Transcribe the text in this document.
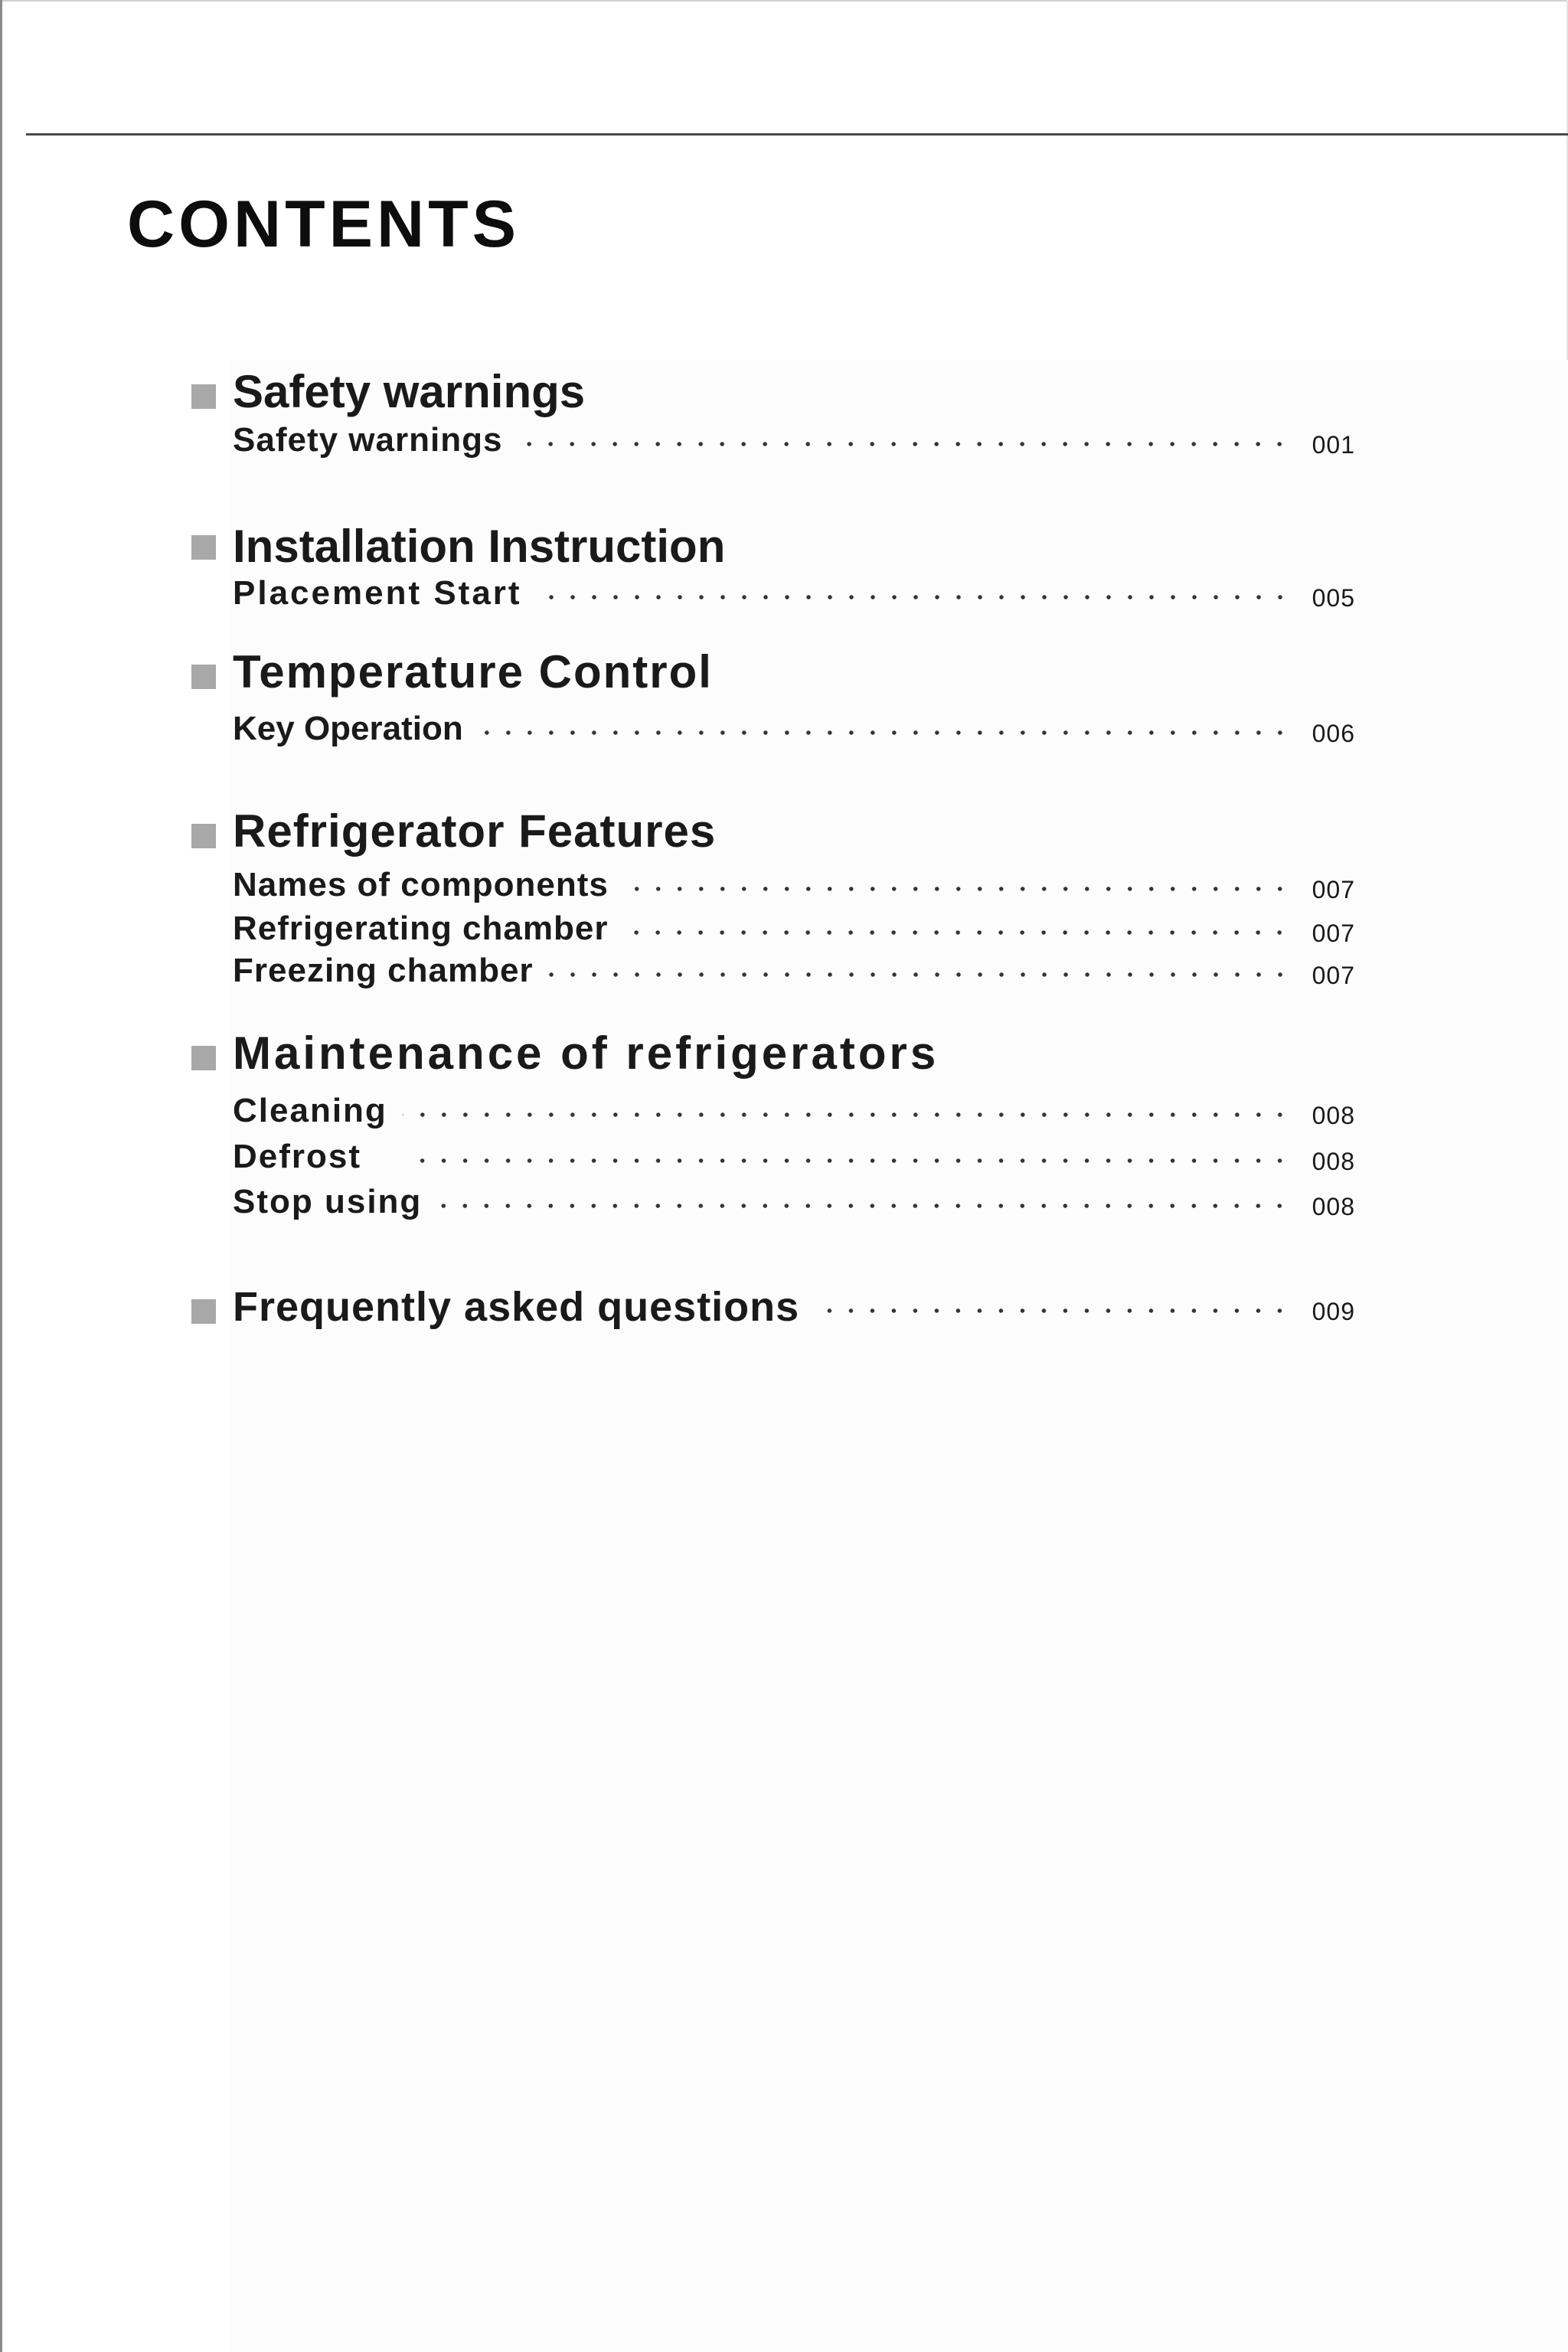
CONTENTS
Safety warnings
Safety warnings	001
Installation Instruction
Placement Start	005
Temperature Control
Key Operation	006
Refrigerator Features
Names of components	007
Refrigerating chamber	007
Freezing chamber	007
Maintenance of refrigerators
Cleaning	008
Defrost	008
Stop using	008
Frequently asked questions	009
